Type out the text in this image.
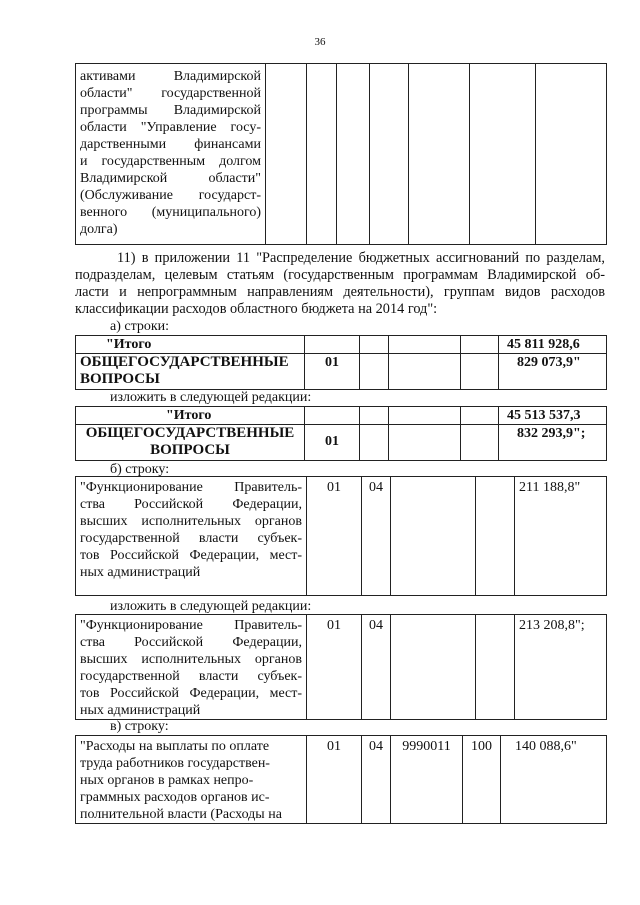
36
активами Владимирской
области" государственной
программы Владимирской
области "Управление госу-
дарственными финансами
и государственным долгом
Владимирской области"
(Обслуживание государст-
венного (муниципального)
долга)

11) в приложении 11 "Распределение бюджетных ассигнований по разделам,
подразделам, целевым статьям (государственным программам Владимирской об-
ласти и непрограммным направлениям деятельности), группам видов расходов
классификации расходов областного бюджета на 2014 год":
а) строки:
"Итого					45 811 928,6

ОБЩЕГОСУДАРСТВЕННЫЕ
ВОПРОСЫ	01				829 073,9"
изложить в следующей редакции:
"Итого					45 513 537,3

ОБЩЕГОСУДАРСТВЕННЫЕ
ВОПРОСЫ	01				832 293,9";
б) строку:
"Функционирование Правитель-
ства Российской Федерации,
высших исполнительных органов
государственной власти субъек-
тов Российской Федерации, мест-
ных администраций
	01	04			211 188,8"
изложить в следующей редакции:
"Функционирование Правитель-
ства Российской Федерации,
высших исполнительных органов
государственной власти субъек-
тов Российской Федерации, мест-
ных администраций
	01	04			213 208,8";
в) строку:
"Расходы на выплаты по оплате
труда работников государствен-
ных органов в рамках непро-
граммных расходов органов ис-
полнительной власти (Расходы на
	01	04	9990011	100	140 088,6"
